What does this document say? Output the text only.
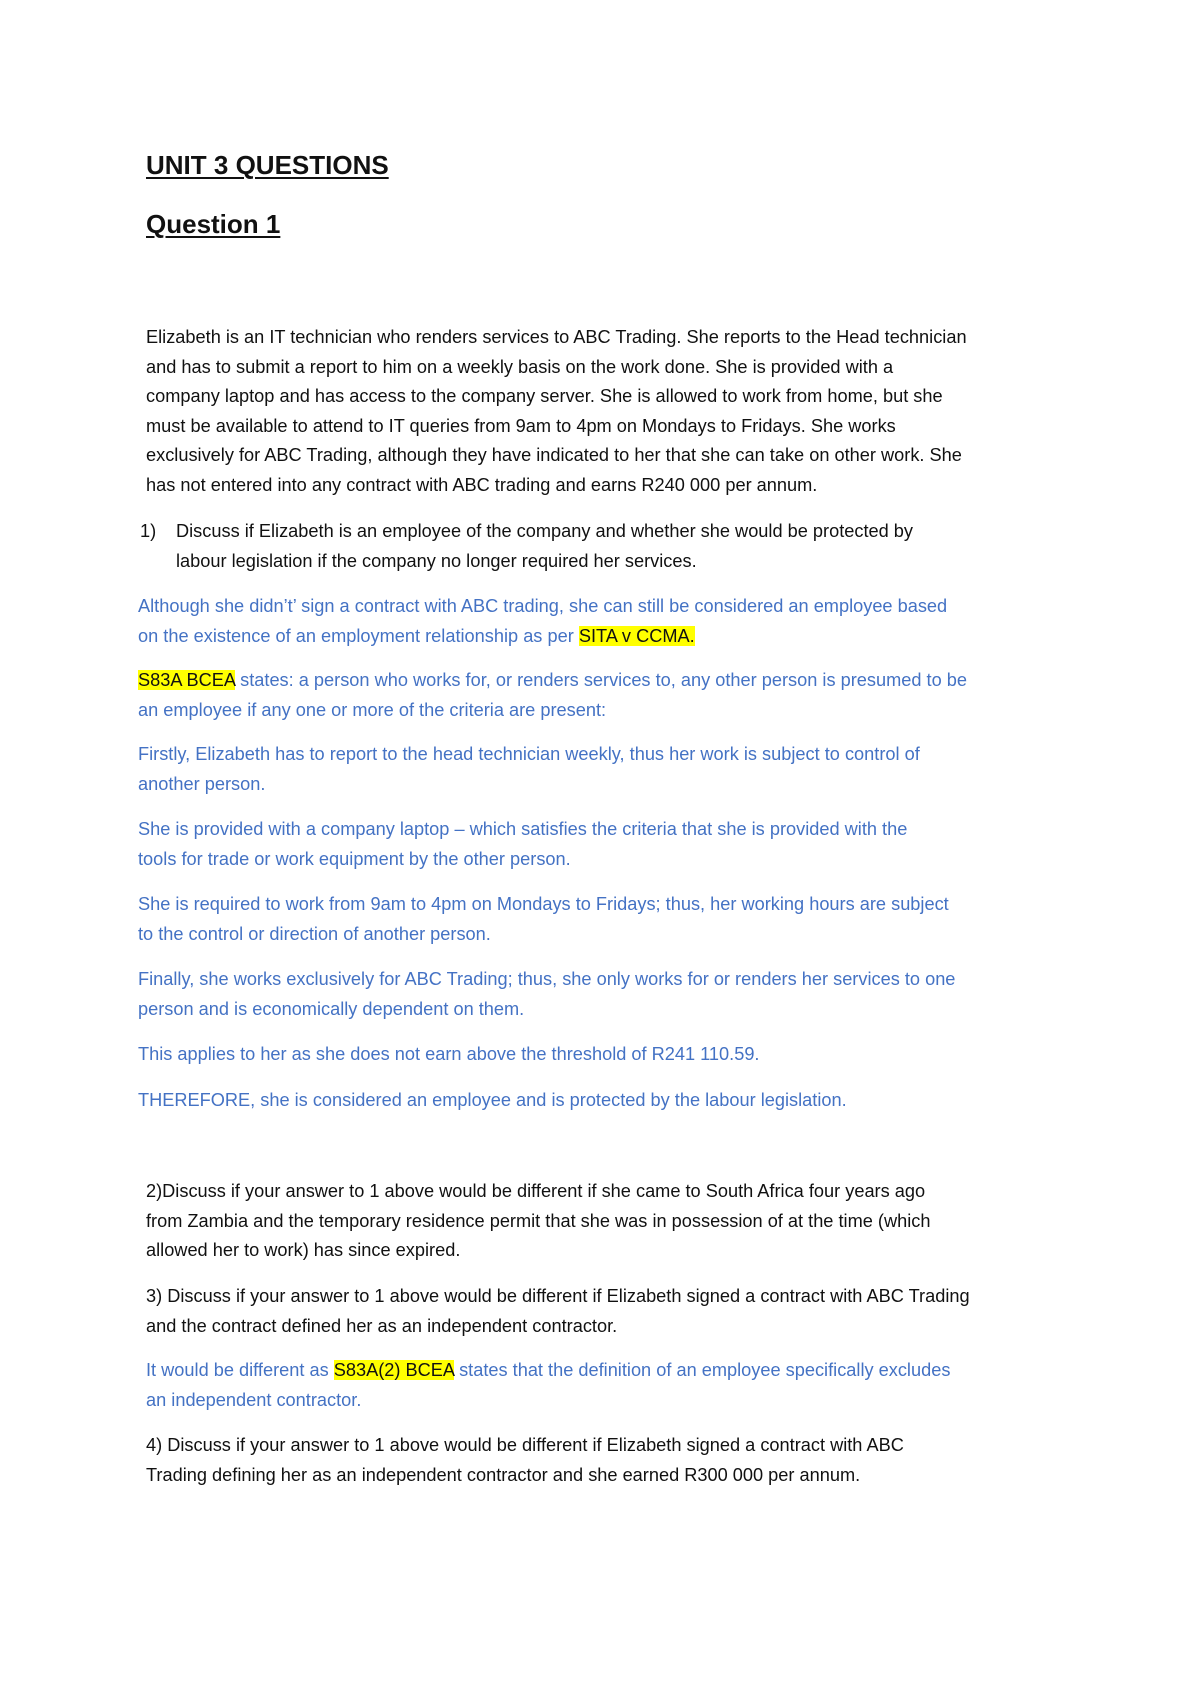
UNIT 3 QUESTIONS
Question 1
Elizabeth is an IT technician who renders services to ABC Trading. She reports to the Head technician
and has to submit a report to him on a weekly basis on the work done. She is provided with a
company laptop and has access to the company server. She is allowed to work from home, but she
must be available to attend to IT queries from 9am to 4pm on Mondays to Fridays. She works
exclusively for ABC Trading, although they have indicated to her that she can take on other work. She
has not entered into any contract with ABC trading and earns R240 000 per annum.
1) Discuss if Elizabeth is an employee of the company and whether she would be protected by
labour legislation if the company no longer required her services.
Although she didn’t’ sign a contract with ABC trading, she can still be considered an employee based
on the existence of an employment relationship as per SITA v CCMA.
S83A BCEA states: a person who works for, or renders services to, any other person is presumed to be
an employee if any one or more of the criteria are present:
Firstly, Elizabeth has to report to the head technician weekly, thus her work is subject to control of
another person.
She is provided with a company laptop – which satisfies the criteria that she is provided with the
tools for trade or work equipment by the other person.
She is required to work from 9am to 4pm on Mondays to Fridays; thus, her working hours are subject
to the control or direction of another person.
Finally, she works exclusively for ABC Trading; thus, she only works for or renders her services to one
person and is economically dependent on them.
This applies to her as she does not earn above the threshold of R241 110.59.
THEREFORE, she is considered an employee and is protected by the labour legislation.
2)Discuss if your answer to 1 above would be different if she came to South Africa four years ago
from Zambia and the temporary residence permit that she was in possession of at the time (which
allowed her to work) has since expired.
3) Discuss if your answer to 1 above would be different if Elizabeth signed a contract with ABC Trading
and the contract defined her as an independent contractor.
It would be different as S83A(2) BCEA states that the definition of an employee specifically excludes
an independent contractor.
4) Discuss if your answer to 1 above would be different if Elizabeth signed a contract with ABC
Trading defining her as an independent contractor and she earned R300 000 per annum.
